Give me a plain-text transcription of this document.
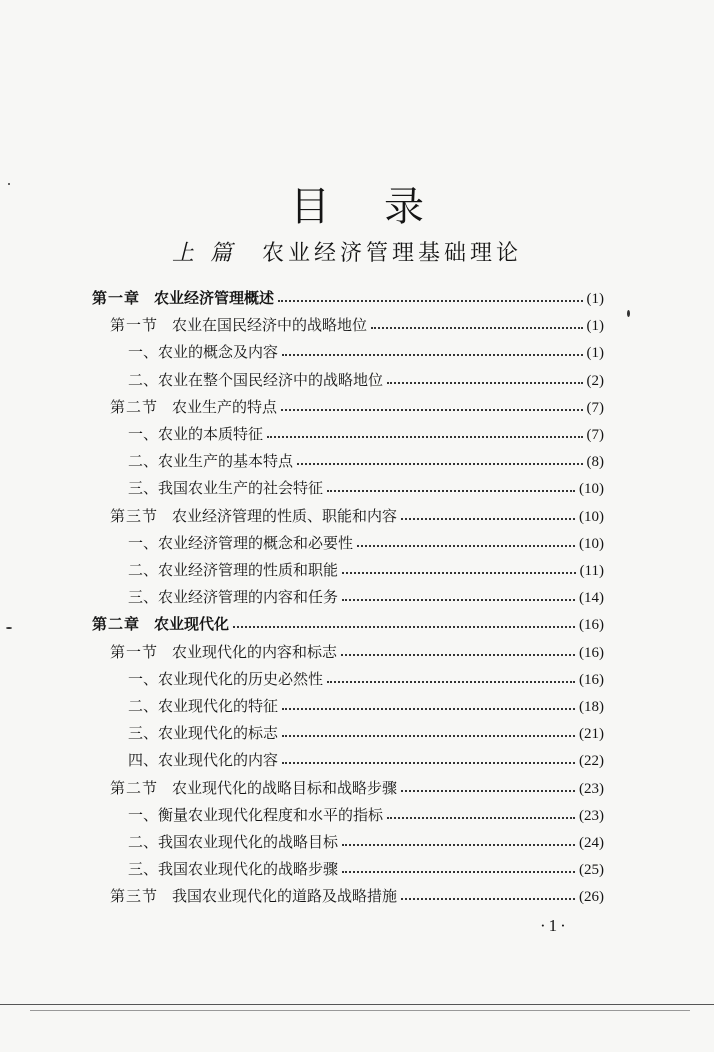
目录
上篇 农业经济管理基础理论
第一章 农业经济管理概述	(1)
第一节 农业在国民经济中的战略地位	(1)
一、农业的概念及内容	(1)
二、农业在整个国民经济中的战略地位	(2)
第二节 农业生产的特点	(7)
一、农业的本质特征	(7)
二、农业生产的基本特点	(8)
三、我国农业生产的社会特征	(10)
第三节 农业经济管理的性质、职能和内容	(10)
一、农业经济管理的概念和必要性	(10)
二、农业经济管理的性质和职能	(11)
三、农业经济管理的内容和任务	(14)
第二章 农业现代化	(16)
第一节 农业现代化的内容和标志	(16)
一、农业现代化的历史必然性	(16)
二、农业现代化的特征	(18)
三、农业现代化的标志	(21)
四、农业现代化的内容	(22)
第二节 农业现代化的战略目标和战略步骤	(23)
一、衡量农业现代化程度和水平的指标	(23)
二、我国农业现代化的战略目标	(24)
三、我国农业现代化的战略步骤	(25)
第三节 我国农业现代化的道路及战略措施	(26)
·1·
